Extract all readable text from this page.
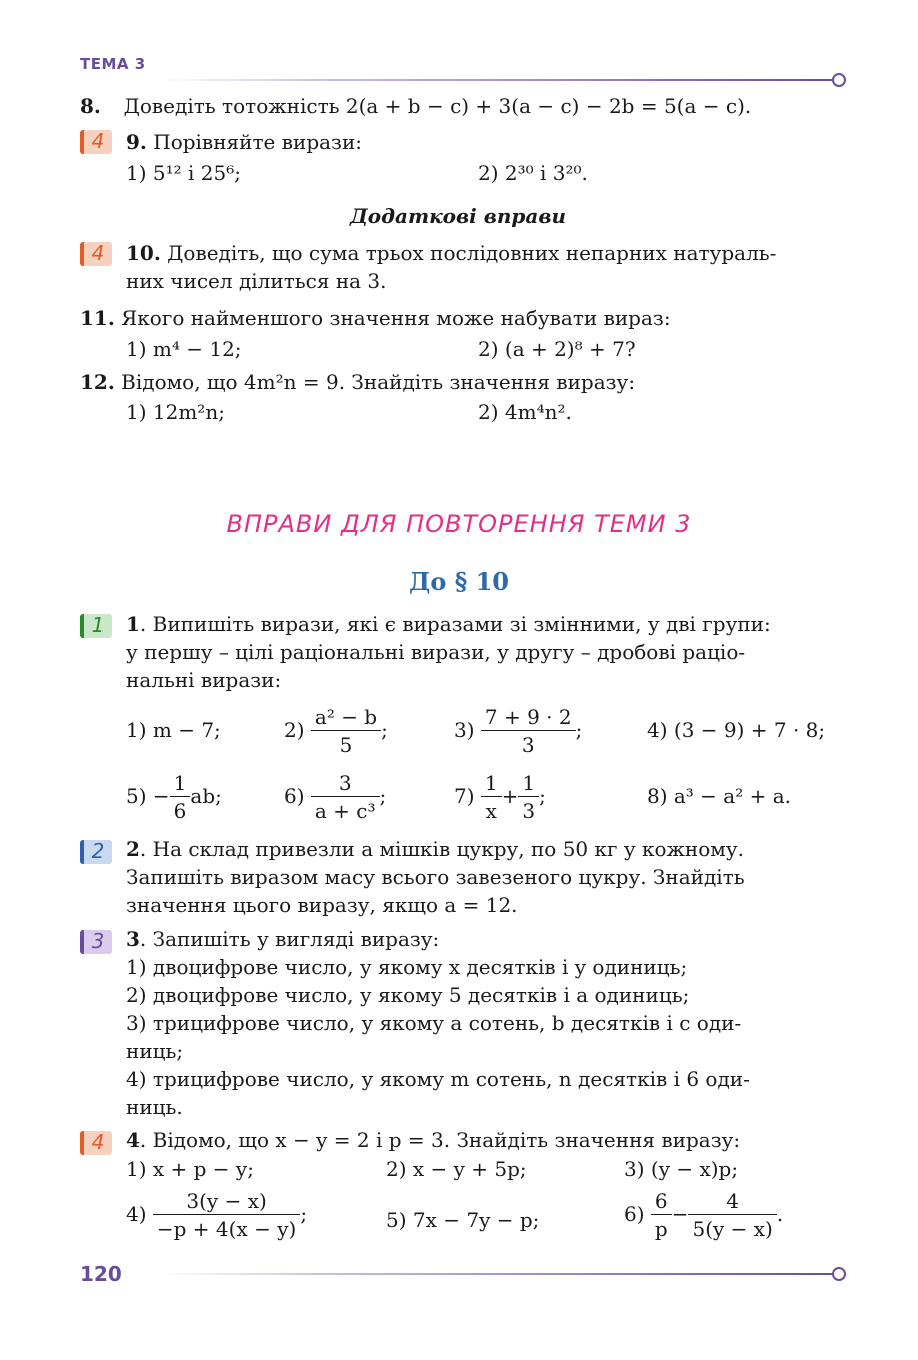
ТЕМА 3
8. Доведіть тотожність 2(a + b − c) + 3(a − c) − 2b = 5(a − c).
4	9. Порівняйте вирази:
1) 5¹² і 25⁶;	2) 2³⁰ і 3²⁰.
Додаткові вправи
4	10. Доведіть, що сума трьох послідовних непарних натураль-
них чисел ділиться на 3.
11. Якого найменшого значення може набувати вираз:
1) m⁴ − 12;	2) (a + 2)⁸ + 7?
12. Відомо, що 4m²n = 9. Знайдіть значення виразу:
1) 12m²n;	2) 4m⁴n².
ВПРАВИ ДЛЯ ПОВТОРЕННЯ ТЕМИ 3
До § 10
1	1. Випишіть вирази, які є виразами зі змінними, у дві групи:
у першу – цілі раціональні вирази, у другу – дробові раціо-
нальні вирази:
1) m − 7;	$2) \frac{\text{a² − b}}{5}$ ;	$3) \frac{7 + 9 \cdot 2}{3}$ ;	4) (3 − 9) + 7 · 8;
$5) - \frac{1}{6}$ ab;	$6) \frac{3}{\text{a + c³}}$ ;	$7) \frac{1}{x} + \frac{1}{3}$ ;	8) a³ − a² + a.
2	2. На склад привезли a мішків цукру, по 50 кг у кожному.
Запишіть виразом масу всього завезеного цукру. Знайдіть
значення цього виразу, якщо a = 12.
3	3. Запишіть у вигляді виразу:
1) двоцифрове число, у якому x десятків і y одиниць;
2) двоцифрове число, у якому 5 десятків і a одиниць;
3) трицифрове число, у якому a сотень, b десятків і c оди-
ниць;
4) трицифрове число, у якому m сотень, n десятків і 6 оди-
ниць.
4	4. Відомо, що x − y = 2 і p = 3. Знайдіть значення виразу:
1) x + p − y;	2) x − y + 5p;	3) (y − x)p;
$4) \frac{3(y - x)}{-p + 4(x - y)}$ ;	5) 7x − 7y − p;	$6) \frac{6}{p} - \frac{4}{5(y - x)}$ .
120
